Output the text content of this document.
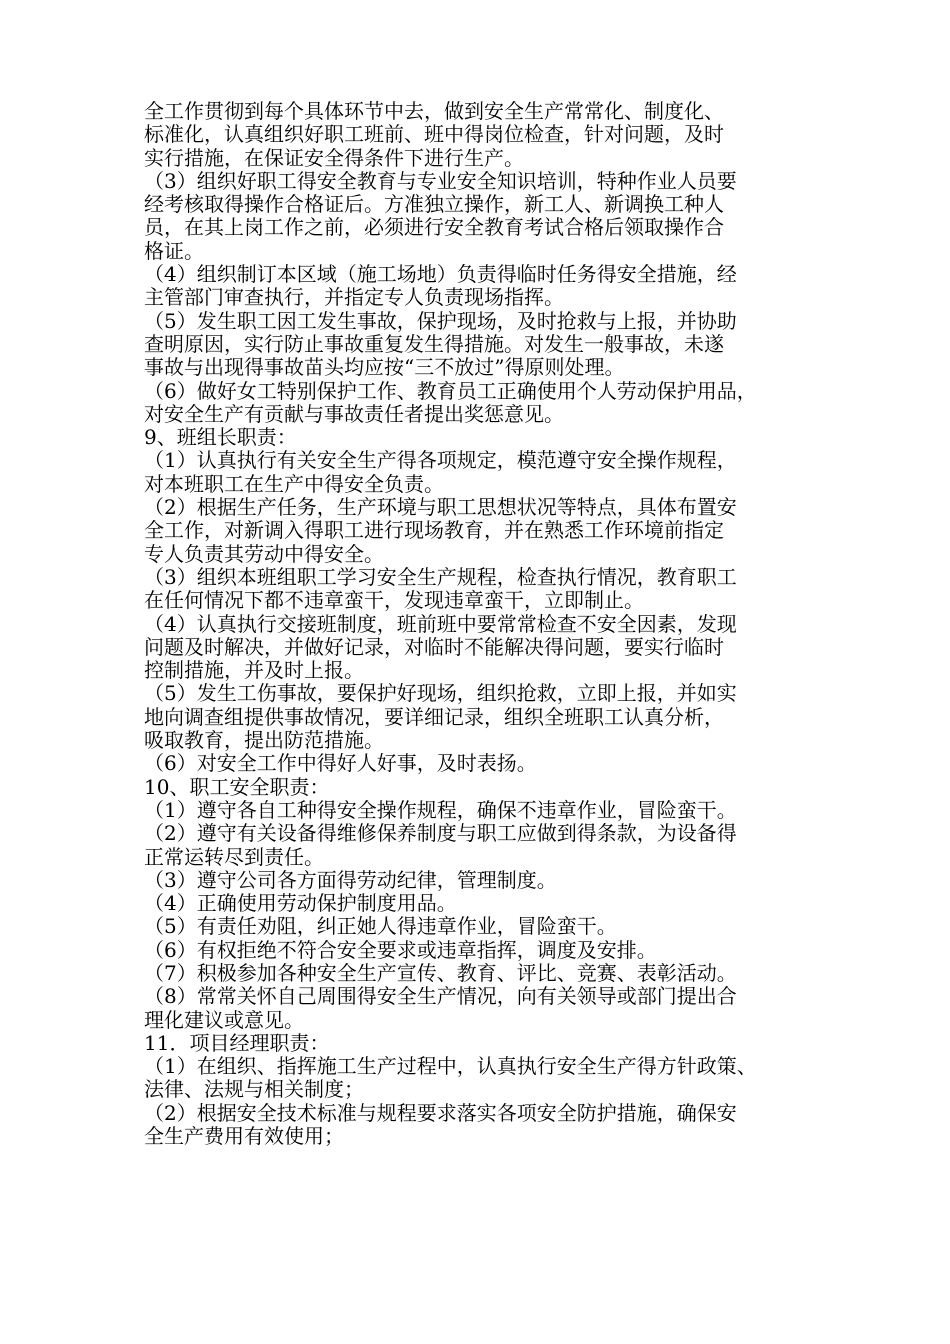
全工作贯彻到每个具体环节中去，做到安全生产常常化、制度化、
标准化，认真组织好职工班前、班中得岗位检查，针对问题，及时
实行措施，在保证安全得条件下进行生产。
（3）组织好职工得安全教育与专业安全知识培训，特种作业人员要
经考核取得操作合格证后。方准独立操作，新工人、新调换工种人
员，在其上岗工作之前，必须进行安全教育考试合格后领取操作合
格证。
（4）组织制订本区域（施工场地）负责得临时任务得安全措施，经
主管部门审查执行，并指定专人负责现场指挥。
（5）发生职工因工发生事故，保护现场，及时抢救与上报，并协助
查明原因，实行防止事故重复发生得措施。对发生一般事故，未遂
事故与出现得事故苗头均应按“三不放过”得原则处理。
（6）做好女工特别保护工作、教育员工正确使用个人劳动保护用品，
对安全生产有贡献与事故责任者提出奖惩意见。
9、班组长职责：
（1）认真执行有关安全生产得各项规定，模范遵守安全操作规程，
对本班职工在生产中得安全负责。
（2）根据生产任务，生产环境与职工思想状况等特点，具体布置安
全工作，对新调入得职工进行现场教育，并在熟悉工作环境前指定
专人负责其劳动中得安全。
（3）组织本班组职工学习安全生产规程，检查执行情况，教育职工
在任何情况下都不违章蛮干，发现违章蛮干，立即制止。
（4）认真执行交接班制度，班前班中要常常检查不安全因素，发现
问题及时解决，并做好记录，对临时不能解决得问题，要实行临时
控制措施，并及时上报。
（5）发生工伤事故，要保护好现场，组织抢救，立即上报，并如实
地向调查组提供事故情况，要详细记录，组织全班职工认真分析，
吸取教育，提出防范措施。
（6）对安全工作中得好人好事，及时表扬。
10、职工安全职责：
（1）遵守各自工种得安全操作规程，确保不违章作业，冒险蛮干。
（2）遵守有关设备得维修保养制度与职工应做到得条款，为设备得
正常运转尽到责任。
（3）遵守公司各方面得劳动纪律，管理制度。
（4）正确使用劳动保护制度用品。
（5）有责任劝阻，纠正她人得违章作业，冒险蛮干。
（6）有权拒绝不符合安全要求或违章指挥，调度及安排。
（7）积极参加各种安全生产宣传、教育、评比、竞赛、表彰活动。
（8）常常关怀自己周围得安全生产情况，向有关领导或部门提出合
理化建议或意见。
11．项目经理职责：
（1）在组织、指挥施工生产过程中，认真执行安全生产得方针政策、
法律、法规与相关制度；
（2）根据安全技术标准与规程要求落实各项安全防护措施，确保安
全生产费用有效使用；
